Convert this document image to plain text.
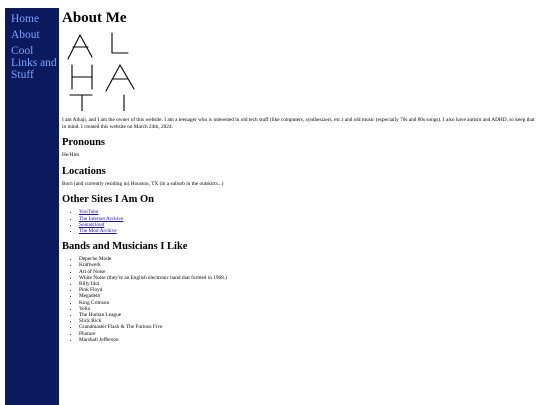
Home
About
Cool Links and Stuff
About Me

I am Alhaji, and I am the owner of this website. I am a teenager who is interested in old tech stuff (like computers, synthesizers, etc.) and old music (especially 70s and 80s songs). I also have autism and ADHD, so keep that in mind. I created this website on March 24th, 2024.

Pronouns

He/Him

Locations

Born (and currently residing in) Houston, TX (in a suburb in the outskirts...)

Other Sites I Am On
• YouTube
• The Internet Archive
• Soundcloud
• The Mod Archive
Bands and Musicians I Like
• Depeche Mode
• Kraftwerk
• Art of Noise
• White Noise (they're an English electronic band that formed in 1968.)
• Billy Idol
• Pink Floyd
• Megadeth
• King Crimson
• Yello
• The Human League
• Slick Rick
• Grandmaster Flash & The Furious Five
• Phuture
• Marshall Jefferson
